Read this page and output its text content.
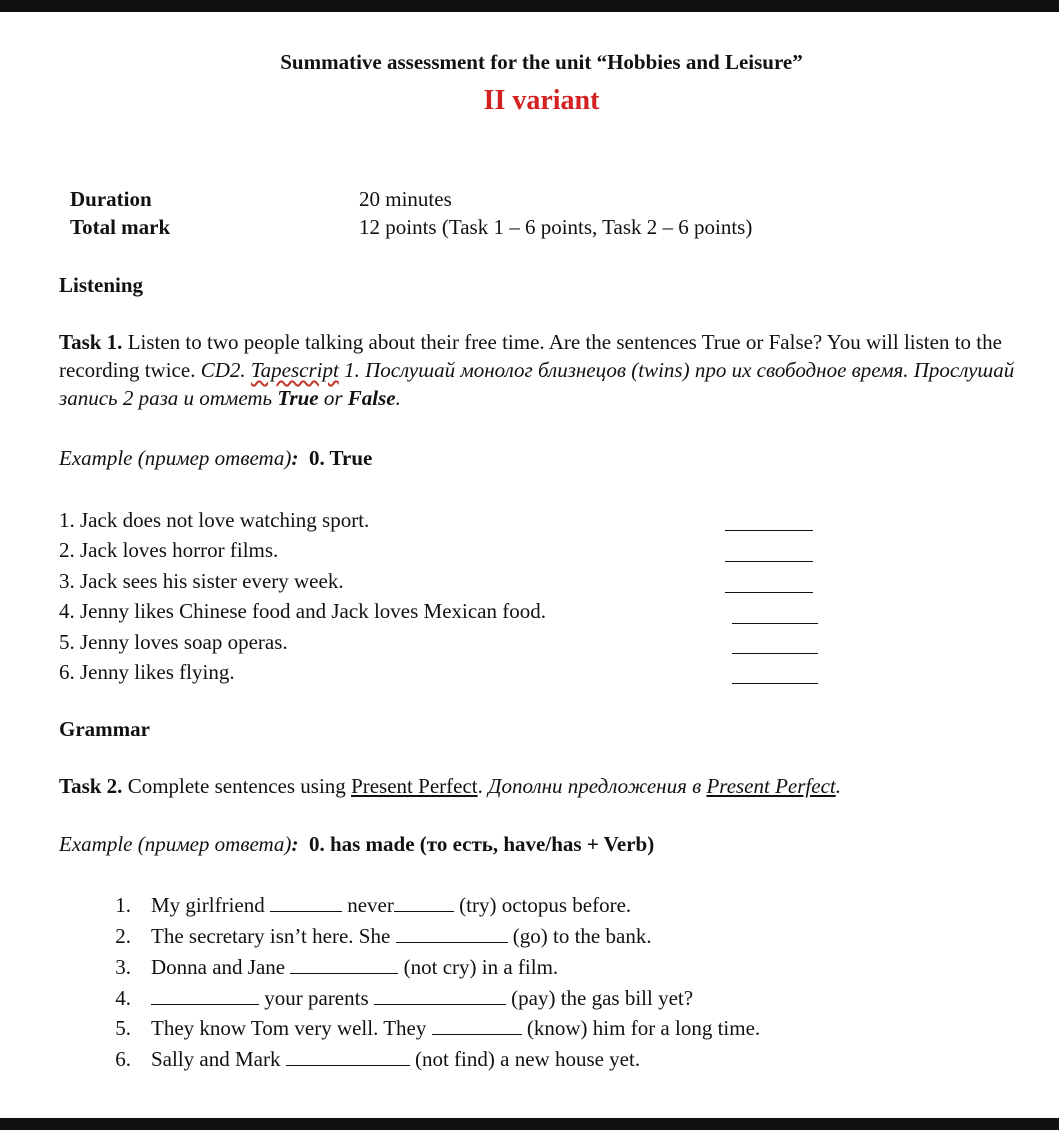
Summative assessment for the unit “Hobbies and Leisure”
II variant
Duration	20 minutes
Total mark	12 points (Task 1 – 6 points, Task 2 – 6 points)
Listening
Task 1. Listen to two people talking about their free time. Are the sentences True or False? You will listen to the recording twice. CD2. Tapescript 1. Послушай монолог близнецов (twins) про их свободное время. Прослушай запись 2 раза и отметь True or False.
Example (пример ответа): 0. True
1. Jack does not love watching sport.
2. Jack loves horror films.
3. Jack sees his sister every week.
4. Jenny likes Chinese food and Jack loves Mexican food.
5. Jenny loves soap operas.
6. Jenny likes flying.
Grammar
Task 2. Complete sentences using Present Perfect. Дополни предложения в Present Perfect.
Example (пример ответа): 0. has made (то есть, have/has + Verb)
1. My girlfriend	never	(try) octopus before.
2. The secretary isn’t here. She	(go) to the bank.
3. Donna and Jane	(not cry) in a film.
4.	your parents	(pay) the gas bill yet?
5. They know Tom very well. They	(know) him for a long time.
6. Sally and Mark	(not find) a new house yet.
